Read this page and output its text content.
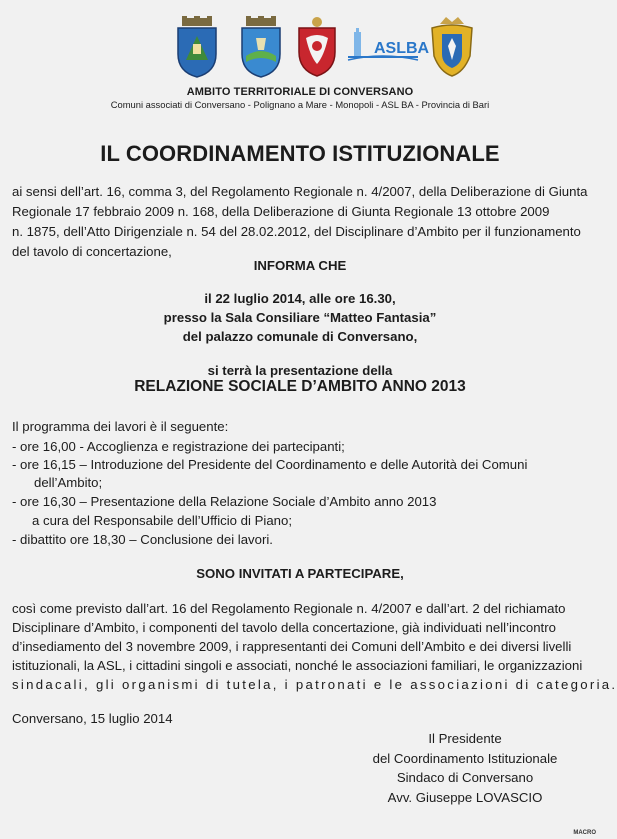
ASLBA
AMBITO TERRITORIALE DI CONVERSANO
Comuni associati di Conversano - Polignano a Mare - Monopoli - ASL BA - Provincia di Bari
IL COORDINAMENTO ISTITUZIONALE
ai sensi dell’art. 16, comma 3, del Regolamento Regionale n. 4/2007, della Deliberazione di Giunta
Regionale 17 febbraio 2009 n. 168, della Deliberazione di Giunta Regionale 13 ottobre 2009
n. 1875, dell’Atto Dirigenziale n. 54 del 28.02.2012, del Disciplinare d’Ambito per il funzionamento
del tavolo di concertazione,
INFORMA CHE
il 22 luglio 2014, alle ore 16.30,
presso la Sala Consiliare “Matteo Fantasia”
del palazzo comunale di Conversano,
si terrà la presentazione della
RELAZIONE SOCIALE D’AMBITO ANNO 2013
Il programma dei lavori è il seguente:
- ore 16,00 - Accoglienza e registrazione dei partecipanti;
- ore 16,15 – Introduzione del Presidente del Coordinamento e delle Autorità dei Comuni
dell’Ambito;
- ore 16,30 – Presentazione della Relazione Sociale d’Ambito anno 2013
a cura del Responsabile dell’Ufficio di Piano;
- dibattito ore 18,30 – Conclusione dei lavori.
SONO INVITATI A PARTECIPARE,
così come previsto dall’art. 16 del Regolamento Regionale n. 4/2007 e dall’art. 2 del richiamato
Disciplinare d’Ambito, i componenti del tavolo della concertazione, già individuati nell’incontro
d’insediamento del 3 novembre 2009, i rappresentanti dei Comuni dell’Ambito e dei diversi livelli
istituzionali, la ASL, i cittadini singoli e associati, nonché le associazioni familiari, le organizzazioni
sindacali, gli organismi di tutela, i patronati e le associazioni di categoria.
Conversano, 15 luglio 2014
Il Presidente
del Coordinamento Istituzionale
Sindaco di Conversano
Avv. Giuseppe LOVASCIO
MACRO
